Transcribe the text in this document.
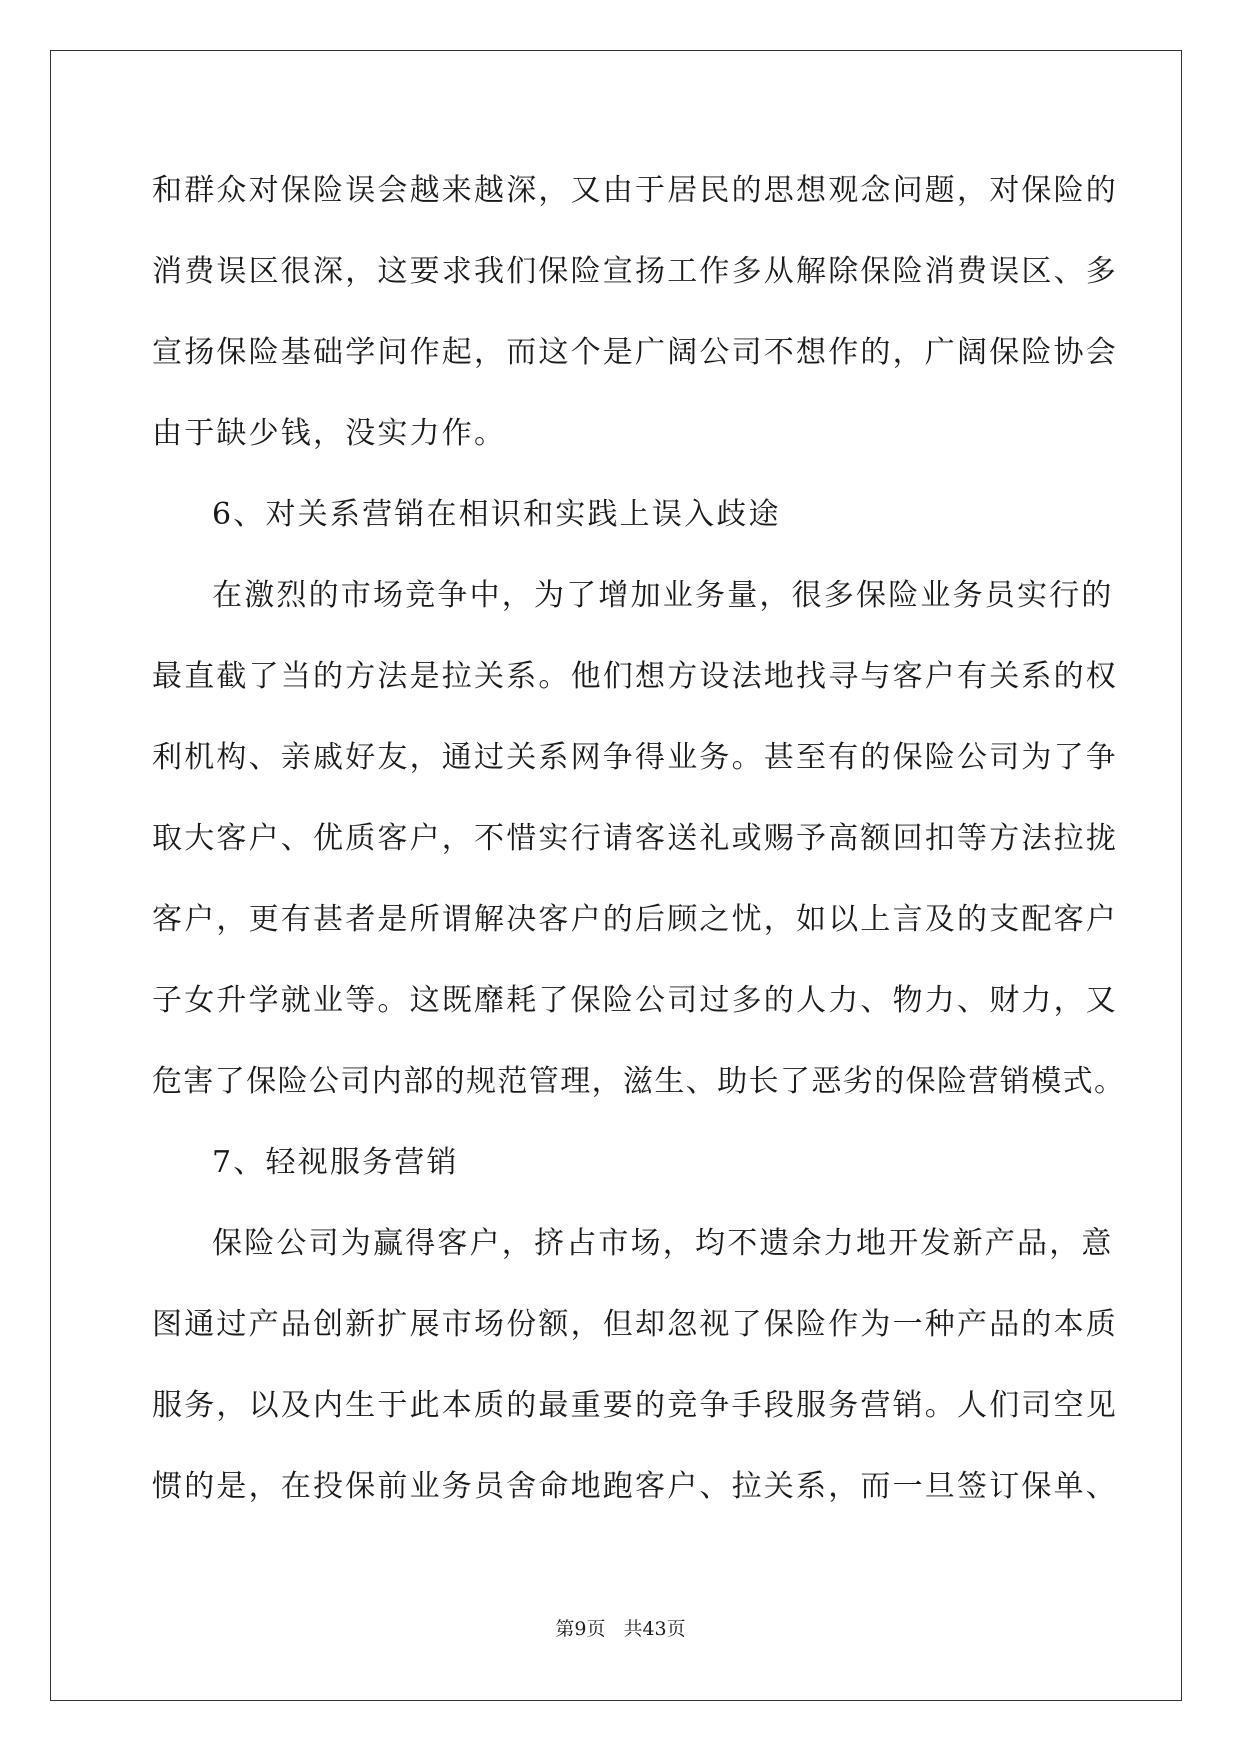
和群众对保险误会越来越深，又由于居民的思想观念问题，对保险的
消费误区很深，这要求我们保险宣扬工作多从解除保险消费误区、多
宣扬保险基础学问作起，而这个是广阔公司不想作的，广阔保险协会
由于缺少钱，没实力作。
6、对关系营销在相识和实践上误入歧途
在激烈的市场竞争中，为了增加业务量，很多保险业务员实行的
最直截了当的方法是拉关系。他们想方设法地找寻与客户有关系的权
利机构、亲戚好友，通过关系网争得业务。甚至有的保险公司为了争
取大客户、优质客户，不惜实行请客送礼或赐予高额回扣等方法拉拢
客户，更有甚者是所谓解决客户的后顾之忧，如以上言及的支配客户
子女升学就业等。这既靡耗了保险公司过多的人力、物力、财力，又
危害了保险公司内部的规范管理，滋生、助长了恶劣的保险营销模式。
7、轻视服务营销
保险公司为赢得客户，挤占市场，均不遗余力地开发新产品，意
图通过产品创新扩展市场份额，但却忽视了保险作为一种产品的本质
服务，以及内生于此本质的最重要的竞争手段服务营销。人们司空见
惯的是，在投保前业务员舍命地跑客户、拉关系，而一旦签订保单、
第9页 共43页
